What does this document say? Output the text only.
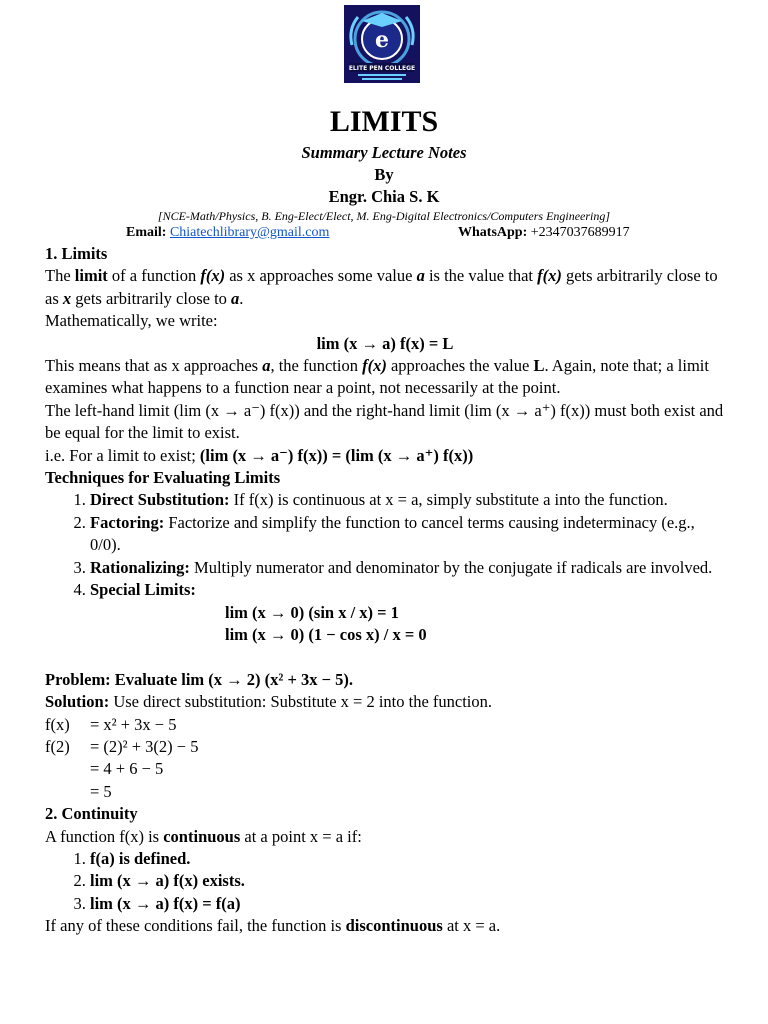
e
ELITE PEN COLLEGE
LIMITS
Summary Lecture Notes
By
Engr. Chia S. K
[NCE-Math/Physics, B. Eng-Elect/Elect, M. Eng-Digital Electronics/Computers Engineering]
Email: Chiatechlibrary@gmail.com	WhatsApp: +2347037689917

1. Limits

The limit of a function f(x) as x approaches some value a is the value that f(x) gets arbitrarily close to as x gets arbitrarily close to a.

Mathematically, we write:

lim (x → a) f(x) = L

This means that as x approaches a, the function f(x) approaches the value L. Again, note that; a limit examines what happens to a function near a point, not necessarily at the point.

The left-hand limit (lim (x → a⁻) f(x)) and the right-hand limit (lim (x → a⁺) f(x)) must both exist and be equal for the limit to exist.

i.e. For a limit to exist; (lim (x → a⁻) f(x)) = (lim (x → a⁺) f(x))

Techniques for Evaluating Limits

1. Direct Substitution: If f(x) is continuous at x = a, simply substitute a into the function.
2. Factoring: Factorize and simplify the function to cancel terms causing indeterminacy (e.g., 0/0).
3. Rationalizing: Multiply numerator and denominator by the conjugate if radicals are involved.
4. Special Limits:

lim (x → 0) (sin x / x) = 1

lim (x → 0) (1 − cos x) / x = 0

Problem: Evaluate lim (x → 2) (x² + 3x − 5).

Solution: Use direct substitution: Substitute x = 2 into the function.

f(x)	= x² + 3x − 5
f(2)	= (2)² + 3(2) − 5
= 4 + 6 − 5
= 5

2. Continuity

A function f(x) is continuous at a point x = a if:

1. f(a) is defined.
2. lim (x → a) f(x) exists.
3. lim (x → a) f(x) = f(a)

If any of these conditions fail, the function is discontinuous at x = a.
